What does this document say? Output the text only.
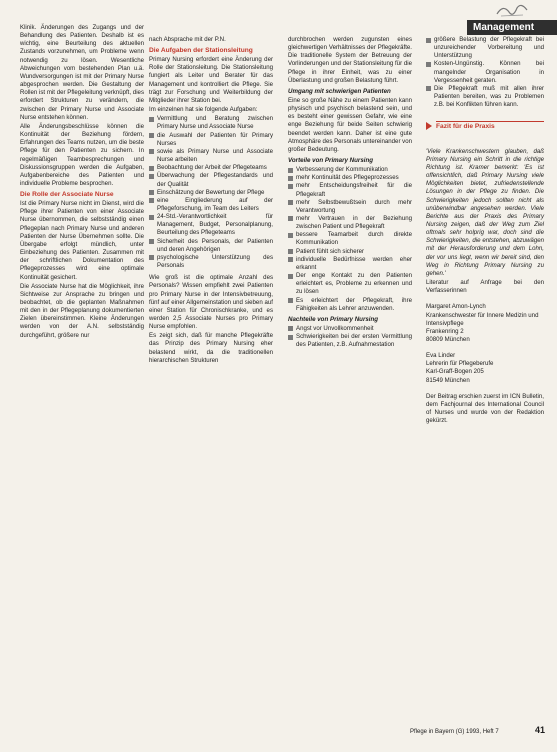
Management

Klinik. Änderungen des Zugangs und der Behandlung des Patienten. Deshalb ist es wichtig, eine Beurteilung des aktuellen Zustands vorzunehmen, um Probleme wenn notwendig zu lösen. Wesentliche Abweichungen vom bestehenden Plan u.ä. Wundversorgungen ist mit der Primary Nurse abgesprochen werden. Die Gestaltung der Rollen ist mit der Pflegeleitung verknüpft, dies erfordert Strukturen zu verändern, die zwischen der Primary Nurse und Associate Nurse entstehen können.

Alle Änderungsbeschlüsse können die Kontinuität der Beziehung fördern, Erfahrungen des Teams nutzen, um die beste Pflege für den Patienten zu sichern. In regelmäßigen Teambesprechungen und Diskussionsgruppen werden die Aufgaben, Aufgabenbereiche des Patienten und individuelle Probleme besprochen.

Die Rolle der Associate Nurse

Ist die Primary Nurse nicht im Dienst, wird die Pflege ihrer Patienten von einer Associate Nurse übernommen, die selbstständig einen Pflegeplan nach Primary Nurse und anderen Patienten der Nurse Übernehmen sollte. Die Übergabe erfolgt mündlich, unter Einbeziehung des Patienten. Zusammen mit der schriftlichen Dokumentation des Pflegeprozesses wird eine optimale Kontinuität gesichert.

Die Associate Nurse hat die Möglichkeit, ihre Sichtweise zur Ansprache zu bringen und beobachtet, ob die geplanten Maßnahmen mit den in der Pflegeplanung dokumentierten Zielen übereinstimmen. Kleine Änderungen werden von der A.N. selbstständig durchgeführt, größere nur

nach Absprache mit der P.N.

Die Aufgaben der Stationsleitung

Primary Nursing erfordert eine Änderung der Rolle der Stationsleitung. Die Stationsleitung fungiert als Leiter und Berater für das Management und kontrolliert die Pflege. Sie trägt zur Forschung und Weiterbildung der Mitglieder ihrer Station bei.

Im einzelnen hat sie folgende Aufgaben:

Vermittlung und Beratung zwischen Primary Nurse und Associate Nurse
die Auswahl der Patienten für Primary Nurses
sowie als Primary Nurse und Associate Nurse arbeiten
Beobachtung der Arbeit der Pflegeteams
Überwachung der Pflegestandards und der Qualität
Einschätzung der Bewertung der Pflege
eine Eingliederung auf der Pflegeforschung, im Team des Leiters
24-Std.-Verantwortlichkeit für Management, Budget, Personalplanung, Beurteilung des Pflegeteams
Sicherheit des Personals, der Patienten und deren Angehörigen
psychologische Unterstützung des Personals

Wie groß ist die optimale Anzahl des Personals? Wissen empfiehlt zwei Patienten pro Primary Nurse in der Intensivbetreuung, fünf auf einer Allgemeinstation und sieben auf einer Station für Chronischkranke, und es werden 2,5 Associate Nurses pro Primary Nurse empfohlen.

Es zeigt sich, daß für manche Pflegekräfte das Prinzip des Primary Nursing eher belastend wirkt, da die traditionellen hierarchischen Strukturen

durchbrochen werden zugunsten eines gleichwertigen Verhältnisses der Pflegekräfte. Die traditionelle System der Betreuung der Vorlinderungen und der Stationsleitung für die Pflege in ihrer Einheit, was zu einer Überlastung und großen Belastung führt.

Umgang mit schwierigen Patienten

Eine so große Nähe zu einem Patienten kann physisch und psychisch belastend sein, und es besteht einer gewissen Gefahr, wie eine enge Beziehung für beide Seiten schwierig beendet werden kann. Daher ist eine gute Atmosphäre des Personals untereinander von großer Bedeutung.

Vorteile von Primary Nursing
Verbesserung der Kommunikation
mehr Kontinuität des Pflegeprozesses
mehr Entscheidungsfreiheit für die Pflegekraft
mehr Selbstbewußtsein durch mehr Verantwortung
mehr Vertrauen in der Beziehung zwischen Patient und Pflegekraft
bessere Teamarbeit durch direkte Kommunikation
Patient fühlt sich sicherer
individuelle Bedürfnisse werden eher erkannt
Der enge Kontakt zu den Patienten erleichtert es, Probleme zu erkennen und zu lösen
Es erleichtert der Pflegekraft, ihre Fähigkeiten als Lehrer anzuwenden.
Nachteile von Primary Nursing
Angst vor Unvollkommenheit
Schwierigkeiten bei der ersten Vermittlung des Patienten, z.B. Aufnahmestation
größere Belastung der Pflegekraft bei unzureichender Vorbereitung und Unterstützung
Kosten-Ungünstig. Können bei mangelnder Organisation in Vergessenheit geraten.
Die Pflegekraft muß mit allen ihrer Patienten bereiten, was zu Problemen z.B. bei Konflikten führen kann.
Fazit für die Praxis

'Viele Krankenschwestern glauben, daß Primary Nursing ein Schritt in die richtige Richtung ist. Kramer bemerkt: 'Es ist offensichtlich, daß Primary Nursing viele Möglichkeiten bietet, zufriedenstellende Lösungen in der Pflege zu finden. Die Schwierigkeiten jedoch sollten nicht als unüberwindbar angesehen werden. Viele Berichte aus der Praxis des Primary Nursing zeigen, daß der Weg zum Ziel oftmals sehr holprig war, doch sind die Schwierigkeiten, die entstehen, abzuwägen mit der Herausforderung und dem Lohn, der vor uns liegt, wenn wir bereit sind, den Weg in Richtung Primary Nursing zu gehen.'

Literatur auf Anfrage bei den Verfasserinnen

Margaret Amon-Lynch
Krankenschwester für Innere Medizin und Intensivpflege
Frankenring 2
80809 München
Eva Linder
Lehrerin für Pflegeberufe
Karl-Graff-Bogen 205
81549 München

Der Beitrag erschien zuerst im ICN Bulletin, dem Fachjournal des International Council of Nurses und wurde von der Redaktion gekürzt.

Pflege in Bayern (G) 1993, Heft 7	41
